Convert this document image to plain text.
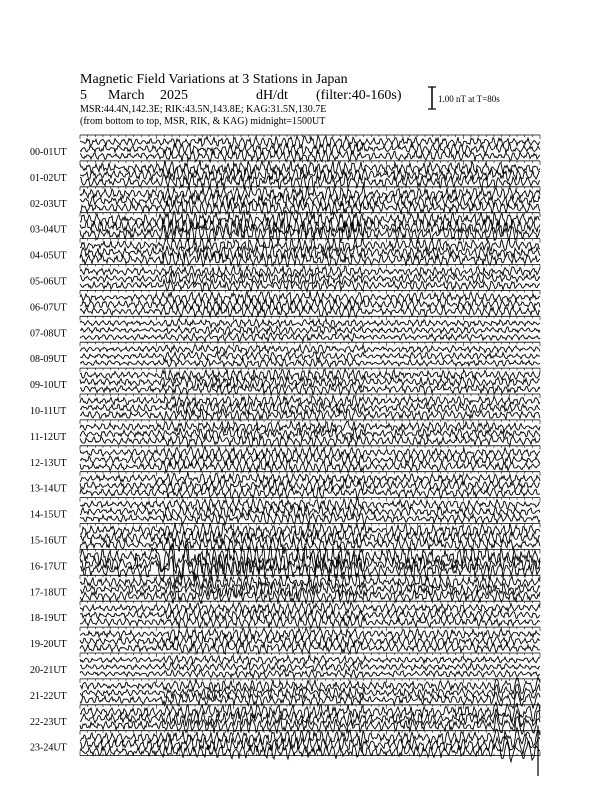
Magnetic Field Variations at 3 Stations in Japan
5 March 2025	dH/dt (filter:40-160s)
MSR:44.4N,142.3E; RIK:43.5N,143.8E; KAG:31.5N,130.7E
(from bottom to top, MSR, RIK, & KAG) midnight=1500UT
1.00 nT at T=80s
00-01UT
01-02UT
02-03UT
03-04UT
04-05UT
05-06UT
06-07UT
07-08UT
08-09UT
09-10UT
10-11UT
11-12UT
12-13UT
13-14UT
14-15UT
15-16UT
16-17UT
17-18UT
18-19UT
19-20UT
20-21UT
21-22UT
22-23UT
23-24UT
